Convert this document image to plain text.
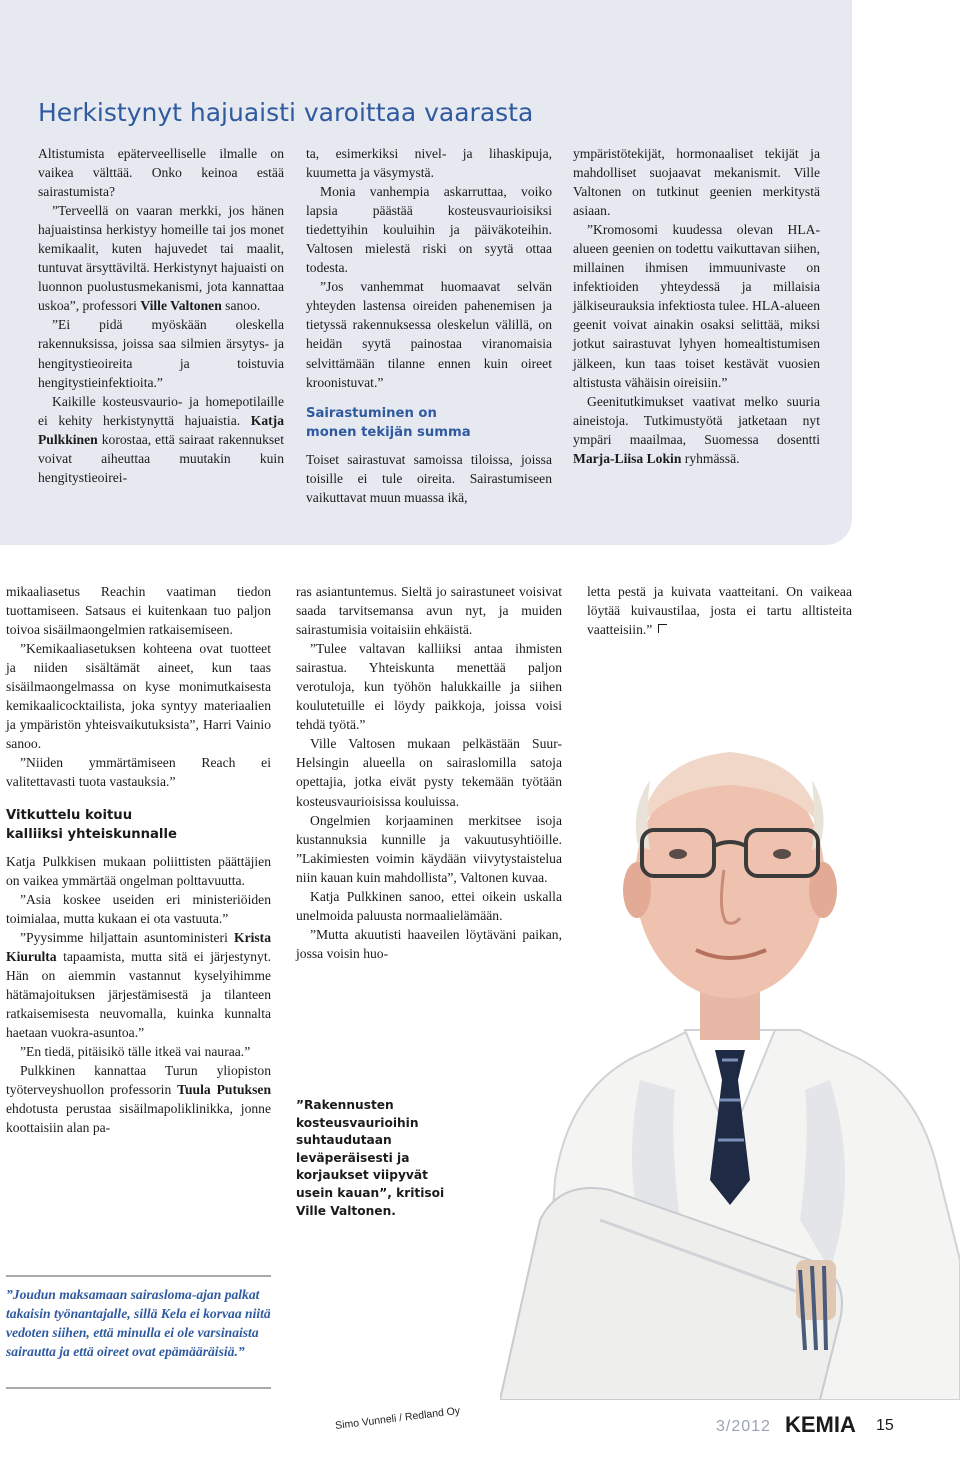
Herkistynyt hajuaisti varoittaa vaarasta

Altistumista epäterveelliselle ilmalle on vaikea välttää. Onko keinoa estää sairastumista?

”Terveellä on vaaran merkki, jos hänen hajuaistinsa herkistyy homeille tai jos monet kemikaalit, kuten hajuvedet tai maalit, tuntuvat ärsyttäviltä. Herkistynyt hajuaisti on luonnon puolustusmekanismi, jota kannattaa uskoa”, professori Ville Valtonen sanoo.

”Ei pidä myöskään oleskella rakennuksissa, joissa saa silmien ärsytys- ja hengitystieoireita ja toistuvia hengitystieinfektioita.”

Kaikille kosteusvaurio- ja homepotilaille ei kehity herkistynyttä hajuaistia. Katja Pulkkinen korostaa, että sairaat rakennukset voivat aiheuttaa muutakin kuin hengitystieoirei-

ta, esimerkiksi nivel- ja lihaskipuja, kuumetta ja väsymystä.

Monia vanhempia askarruttaa, voiko lapsia päästää kosteusvaurioisiksi tiedettyihin kouluihin ja päiväkoteihin. Valtosen mielestä riski on syytä ottaa todesta.

”Jos vanhemmat huomaavat selvän yhteyden lastensa oireiden pahenemisen ja tietyssä rakennuksessa oleskelun välillä, on heidän syytä painostaa viranomaisia selvittämään tilanne ennen kuin oireet kroonistuvat.”

Sairastuminen on
monen tekijän summa

Toiset sairastuvat samoissa tiloissa, joissa toisille ei tule oireita. Sairastumiseen vaikuttavat muun muassa ikä,

ympäristötekijät, hormonaaliset tekijät ja mahdolliset suojaavat mekanismit. Ville Valtonen on tutkinut geenien merkitystä asiaan.

”Kromosomi kuudessa olevan HLA-alueen geenien on todettu vaikuttavan siihen, millainen ihmisen immuunivaste on infektioiden yhteydessä ja millaisia jälkiseurauksia infektiosta tulee. HLA-alueen geenit voivat ainakin osaksi selittää, miksi jotkut sairastuvat lyhyen homealtistumisen jälkeen, kun taas toiset kestävät vuosien altistusta vähäisin oireisiin.”

Geenitutkimukset vaativat melko suuria aineistoja. Tutkimustyötä jatketaan nyt ympäri maailmaa, Suomessa dosentti Marja-Liisa Lokin ryhmässä.

mikaaliasetus Reachin vaatiman tiedon tuottamiseen. Satsaus ei kuitenkaan tuo paljon toivoa sisäilmaongelmien ratkaisemiseen.

”Kemikaaliasetuksen kohteena ovat tuotteet ja niiden sisältämät aineet, kun taas sisäilmaongelmassa on kyse monimutkaisesta kemikaalicocktailista, joka syntyy materiaalien ja ympäristön yhteisvaikutuksista”, Harri Vainio sanoo.

”Niiden ymmärtämiseen Reach ei valitettavasti tuota vastauksia.”

Vitkuttelu koituu
kalliiksi yhteiskunnalle

Katja Pulkkisen mukaan poliittisten päättäjien on vaikea ymmärtää ongelman polttavuutta.

”Asia koskee useiden eri ministeriöiden toimialaa, mutta kukaan ei ota vastuuta.”

”Pyysimme hiljattain asuntoministeri Krista Kiurulta tapaamista, mutta sitä ei järjestynyt. Hän on aiemmin vastannut kyselyihimme hätämajoituksen järjestämisestä ja tilanteen ratkaisemisesta neuvomalla, kuinka kunnalta haetaan vuokra-asuntoa.”

”En tiedä, pitäisikö tälle itkeä vai nauraa.”

Pulkkinen kannattaa Turun yliopiston työterveyshuollon professorin Tuula Putuksen ehdotusta perustaa sisäilmapoliklinikka, jonne koottaisiin alan pa-

ras asiantuntemus. Sieltä jo sairastuneet voisivat saada tarvitsemansa avun nyt, ja muiden sairastumisia voitaisiin ehkäistä.

”Tulee valtavan kalliiksi antaa ihmisten sairastua. Yhteiskunta menettää paljon verotuloja, kun työhön halukkaille ja siihen koulutetuille ei löydy paikkoja, joissa voisi tehdä työtä.”

Ville Valtosen mukaan pelkästään Suur-Helsingin alueella on sairaslomilla satoja opettajia, jotka eivät pysty tekemään työtään kosteusvaurioisissa kouluissa.

Ongelmien korjaaminen merkitsee isoja kustannuksia kunnille ja vakuutusyhtiöille. ”Lakimiesten voimin käydään viivytystaistelua niin kauan kuin mahdollista”, Valtonen kuvaa.

Katja Pulkkinen sanoo, ettei oikein uskalla unelmoida paluusta normaalielämään.

”Mutta akuutisti haaveilen löytäväni paikan, jossa voisin huo-

letta pestä ja kuivata vaatteitani. On vaikeaa löytää kuivaustilaa, josta ei tartu alltisteita vaatteisiin.”

”Joudun maksamaan sairasloma-ajan palkat takaisin työnantajalle, sillä Kela ei korvaa niitä vedoten siihen, että minulla ei ole varsinaista sairautta ja että oireet ovat epämääräisiä.”
”Rakennusten kosteusvaurioihin suhtaudutaan leväperäisesti ja korjaukset viipyvät usein kauan”, kritisoi Ville Valtonen.
Simo Vunneli / Redland Oy	3/2012 KEMIA 15
